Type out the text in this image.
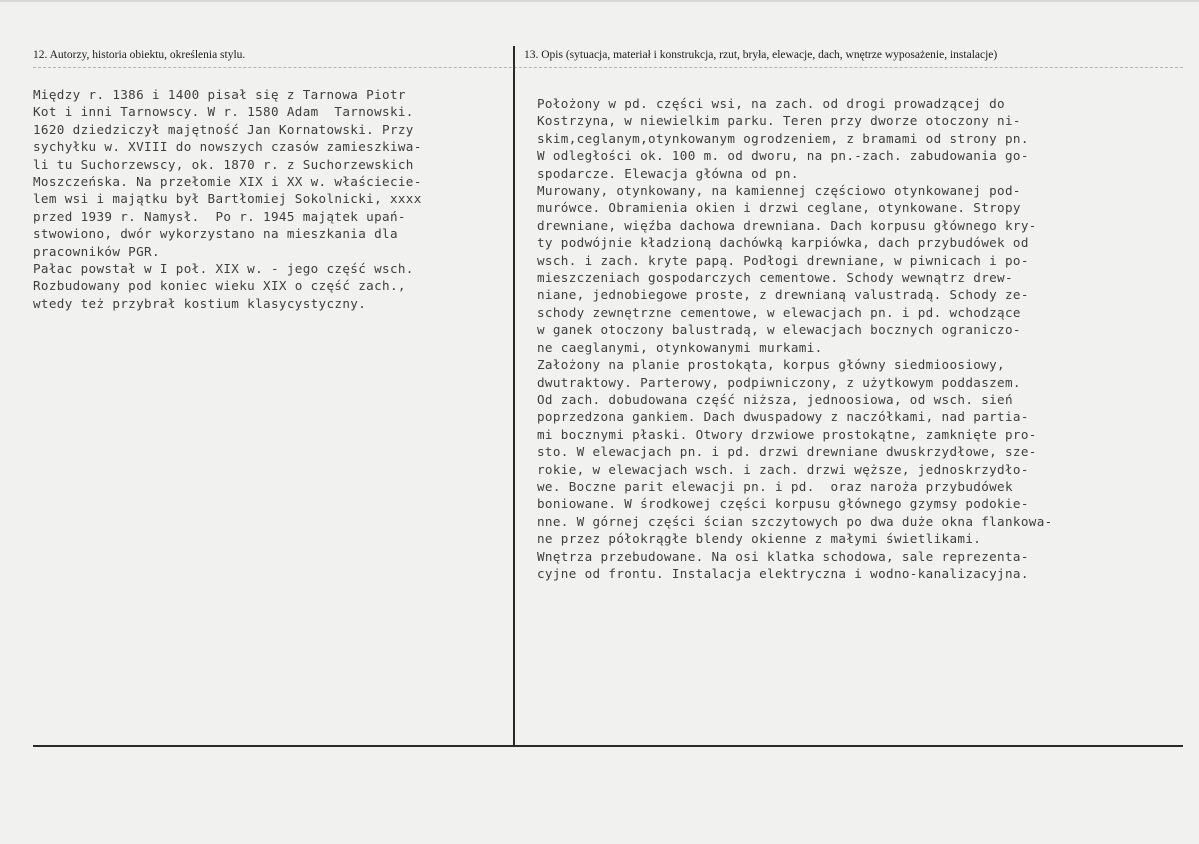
12. Autorzy, historia obiektu, określenia stylu.	13. Opis (sytuacja, materiał i konstrukcja, rzut, bryła, elewacje, dach, wnętrze wyposażenie, instalacje)
Między r. 1386 i 1400 pisał się z Tarnowa Piotr
Kot i inni Tarnowscy. W r. 1580 Adam  Tarnowski.
1620 dziedziczył majętność Jan Kornatowski. Przy
sychyłku w. XVIII do nowszych czasów zamieszkiwa-
li tu Suchorzewscy, ok. 1870 r. z Suchorzewskich
Moszczeńska. Na przełomie XIX i XX w. właściecie-
lem wsi i majątku był Bartłomiej Sokolnicki, xxxx
przed 1939 r. Namysł.  Po r. 1945 majątek upań-
stwowiono, dwór wykorzystano na mieszkania dla
pracowników PGR.
Pałac powstał w I poł. XIX w. - jego część wsch.
Rozbudowany pod koniec wieku XIX o część zach.,
wtedy też przybrał kostium klasycystyczny.
Położony w pd. części wsi, na zach. od drogi prowadzącej do
Kostrzyna, w niewielkim parku. Teren przy dworze otoczony ni-
skim,ceglanym,otynkowanym ogrodzeniem, z bramami od strony pn.
W odległości ok. 100 m. od dworu, na pn.-zach. zabudowania go-
spodarcze. Elewacja główna od pn.
Murowany, otynkowany, na kamiennej częściowo otynkowanej pod-
murówce. Obramienia okien i drzwi ceglane, otynkowane. Stropy
drewniane, więźba dachowa drewniana. Dach korpusu głównego kry-
ty podwójnie kładzioną dachówką karpiówka, dach przybudówek od
wsch. i zach. kryte papą. Podłogi drewniane, w piwnicach i po-
mieszczeniach gospodarczych cementowe. Schody wewnątrz drew-
niane, jednobiegowe proste, z drewnianą valustradą. Schody ze-
schody zewnętrzne cementowe, w elewacjach pn. i pd. wchodzące
w ganek otoczony balustradą, w elewacjach bocznych ograniczo-
ne caeglanymi, otynkowanymi murkami.
Założony na planie prostokąta, korpus główny siedmioosiowy,
dwutraktowy. Parterowy, podpiwniczony, z użytkowym poddaszem.
Od zach. dobudowana część niższa, jednoosiowa, od wsch. sień
poprzedzona gankiem. Dach dwuspadowy z naczółkami, nad partia-
mi bocznymi płaski. Otwory drzwiowe prostokątne, zamknięte pro-
sto. W elewacjach pn. i pd. drzwi drewniane dwuskrzydłowe, sze-
rokie, w elewacjach wsch. i zach. drzwi węższe, jednoskrzydło-
we. Boczne parit elewacji pn. i pd.  oraz naroża przybudówek
boniowane. W środkowej części korpusu głównego gzymsy podokie-
nne. W górnej części ścian szczytowych po dwa duże okna flankowa-
ne przez półokrągłe blendy okienne z małymi świetlikami.
Wnętrza przebudowane. Na osi klatka schodowa, sale reprezenta-
cyjne od frontu. Instalacja elektryczna i wodno-kanalizacyjna.
